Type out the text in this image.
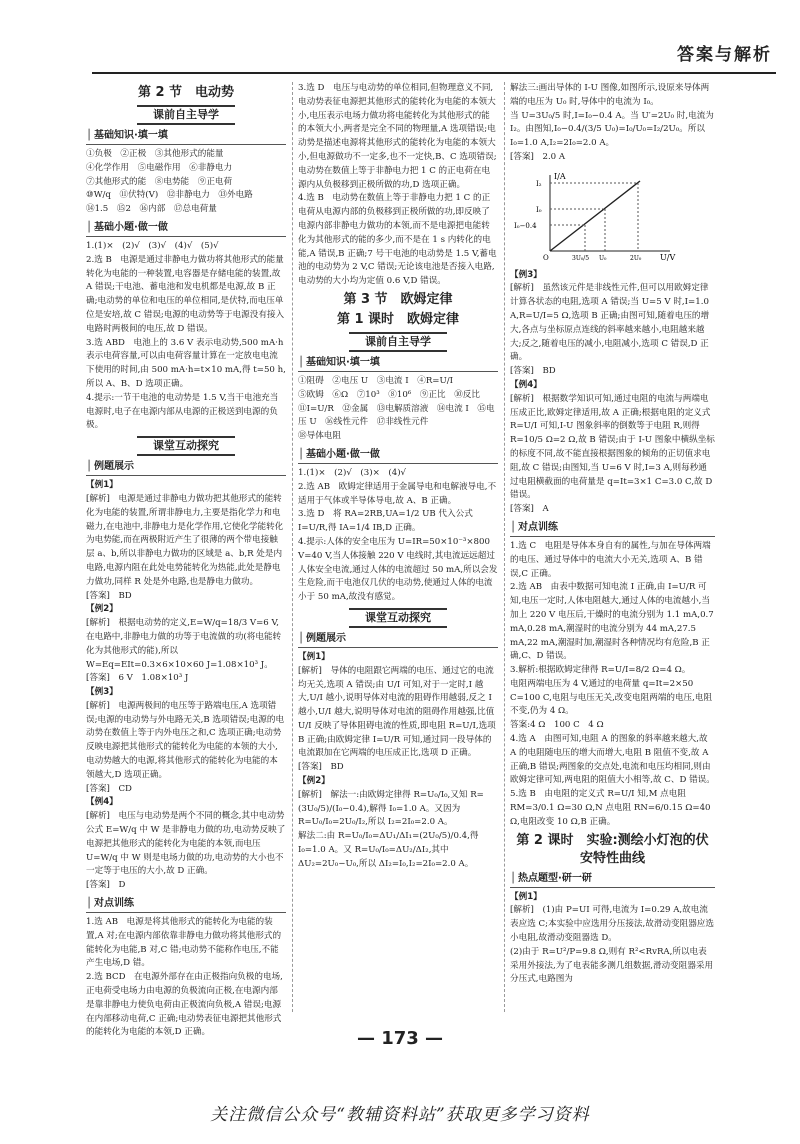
答案与解析
第 2 节　电动势
课前自主导学
│ 基础知识·填一填
①负极　②正极　③其他形式的能量
④化学作用　⑤电磁作用　⑥非静电力
⑦其他形式的能　⑧电势能　⑨正电荷
⑩W/q　⑪伏特(V)　⑫非静电力　⑬外电路
⑭1.5　⑮2　⑯内部　⑰总电荷量
│ 基础小题·做一做
1.(1)×　(2)√　(3)√　(4)√　(5)√
2.选 B　电源是通过非静电力做功将其他形式的能量转化为电能的一种装置,电容器是存储电能的装置,故 A 错误;干电池、蓄电池和发电机都是电源,故 B 正确;电动势的单位和电压的单位相同,是伏特,而电压单位是安培,故 C 错误;电源的电动势等于电源没有接入电路时两极间的电压,故 D 错误。
3.选 ABD　电池上的 3.6 V 表示电动势,500 mA·h 表示电荷容量,可以由电荷容量计算在一定放电电流下使用的时间,由 500 mA·h=t×10 mA,得 t=50 h,所以 A、B、D 选项正确。
4.提示:一节干电池的电动势是 1.5 V,当干电池充当电源时,电子在电源内部从电源的正极送到电源的负极。
课堂互动探究
│ 例题展示
【例1】
[解析]　电源是通过非静电力做功把其他形式的能转化为电能的装置,所谓非静电力,主要是指化学力和电磁力,在电池中,非静电力是化学作用,它使化学能转化为电势能,而在两极附近产生了很薄的两个带电接触层 a、b,所以非静电力做功的区域是 a、b,R 处是内电路,电源内阻在此处电势能转化为热能,此处是静电力做功,同样 R 处是外电路,也是静电力做功。
[答案]　BD
【例2】
[解析]　根据电动势的定义,E=W/q=18/3 V=6 V,在电路中,非静电力做的功等于电流做的功(将电能转化为其他形式的能),所以 W=Eq=EIt=0.3×6×10×60 J=1.08×10³ J。
[答案]　6 V　1.08×10³ J
【例3】
[解析]　电源两极间的电压等于路端电压,A 选项错误;电源的电动势与外电路无关,B 选项错误;电源的电动势在数值上等于内外电压之和,C 选项正确;电动势反映电源把其他形式的能转化为电能的本领的大小,电动势越大的电源,将其他形式的能转化为电能的本领越大,D 选项正确。
[答案]　CD
【例4】
[解析]　电压与电动势是两个不同的概念,其中电动势公式 E=W/q 中 W 是非静电力做的功,电动势反映了电源把其他形式的能转化为电能的本领,而电压 U=W/q 中 W 则是电场力做的功,电动势的大小也不一定等于电压的大小,故 D 正确。
[答案]　D
│ 对点训练
1.选 AB　电源是将其他形式的能转化为电能的装置,A 对;在电源内部依靠非静电力做功将其他形式的能转化为电能,B 对,C 错;电动势不能称作电压,不能产生电场,D 错。
2.选 BCD　在电源外部存在由正极指向负极的电场,正电荷受电场力由电源的负极流向正极,在电源内部是靠非静电力使负电荷由正极流向负极,A 错误;电源在内部移动电荷,C 正确;电动势表征电源把其他形式的能转化为电能的本领,D 正确。
3.选 D　电压与电动势的单位相同,但物理意义不同,电动势表征电源把其他形式的能转化为电能的本领大小,电压表示电场力做功将电能转化为其他形式的能的本领大小,两者是完全不同的物理量,A 选项错误;电动势是描述电源将其他形式的能转化为电能的本领大小,但电源做功不一定多,也不一定快,B、C 选项错误;电动势在数值上等于非静电力把 1 C 的正电荷在电源内从负极移到正极所做的功,D 选项正确。
4.选 B　电动势在数值上等于非静电力把 1 C 的正电荷从电源内部的负极移到正极所做的功,即反映了电源内部非静电力做功的本领,而不是电源把电能转化为其他形式的能的多少,而不是在 1 s 内转化的电能,A 错误,B 正确;7 号干电池的电动势是 1.5 V,蓄电池的电动势为 2 V,C 错误;无论该电池是否接入电路,电动势的大小均为定值 0.6 V,D 错误。
第 3 节　欧姆定律
第 1 课时　欧姆定律
课前自主导学
│ 基础知识·填一填
①阻碍　②电压 U　③电流 I　④R=U/I
⑤欧姆　⑥Ω　⑦10³　⑧10⁶　⑨正比　⑩反比
⑪I=U/R　⑫金属　⑬电解质溶液　⑭电流 I　⑮电压 U　⑯线性元件　⑰非线性元件
⑱导体电阻
│ 基础小题·做一做
1.(1)×　(2)√　(3)×　(4)√
2.选 AB　欧姆定律适用于金属导电和电解液导电,不适用于气体或半导体导电,故 A、B 正确。
3.选 D　将 RA=2RB,UA=1/2 UB 代入公式 I=U/R,得 IA=1/4 IB,D 正确。
4.提示:人体的安全电压为 U=IR=50×10⁻³×800 V=40 V,当人体接触 220 V 电线时,其电流远远超过人体安全电流,通过人体的电流超过 50 mA,所以会发生危险,而干电池仅几伏的电动势,使通过人体的电流小于 50 mA,故没有感觉。
课堂互动探究
│ 例题展示
【例1】
[解析]　导体的电阻跟它两端的电压、通过它的电流均无关,选项 A 错误;由 U/I 可知,对于一定时,I 越大,U/I 越小,说明导体对电流的阻碍作用越弱,反之 I 越小,U/I 越大,说明导体对电流的阻碍作用越强,比值 U/I 反映了导体阻碍电流的性质,即电阻 R=U/I,选项 B 正确;由欧姆定律 I=U/R 可知,通过同一段导体的电流跟加在它两端的电压成正比,选项 D 正确。
[答案]　BD
【例2】
[解析]　解法一:由欧姆定律得 R=U₀/I₀,又知 R=(3U₀/5)/(I₀−0.4),解得 I₀=1.0 A。又因为 R=U₀/I₀=2U₀/I₂,所以 I₂=2I₀=2.0 A。
解法二:由 R=U₀/I₀=ΔU₁/ΔI₁=(2U₀/5)/0.4,得 I₀=1.0 A。又 R=U₀/I₀=ΔU₂/ΔI₂,其中 ΔU₂=2U₀−U₀,所以 ΔI₂=I₀,I₂=2I₀=2.0 A。
解法三:画出导体的 I-U 图像,如图所示,设原来导体两端的电压为 U₀ 时,导体中的电流为 I₀。
当 U=3U₀/5 时,I=I₀−0.4 A。当 U′=2U₀ 时,电流为 I₂。由图知,I₀−0.4/(3/5 U₀)=I₀/U₀=I₂/2U₀。所以 I₀=1.0 A,I₂=2I₀=2.0 A。
[答案]　2.0 A
I/A
U/V
I₂
I₀
I₀−0.4
O	3U₀/5 U₀	2U₀
【例3】
[解析]　虽然该元件是非线性元件,但可以用欧姆定律计算各状态的电阻,选项 A 错误;当 U=5 V 时,I=1.0 A,R=U/I=5 Ω,选项 B 正确;由图可知,随着电压的增大,各点与坐标原点连线的斜率越来越小,电阻越来越大;反之,随着电压的减小,电阻减小,选项 C 错误,D 正确。
[答案]　BD
【例4】
[解析]　根据数学知识可知,通过电阻的电流与两端电压成正比,欧姆定律适用,故 A 正确;根据电阻的定义式 R=U/I 可知,I-U 图象斜率的倒数等于电阻 R,则得 R=10/5 Ω=2 Ω,故 B 错误;由于 I-U 图象中横纵坐标的标度不同,故不能直接根据图象的倾角的正切值求电阻,故 C 错误;由图知,当 U=6 V 时,I=3 A,则每秒通过电阻横截面的电荷量是 q=It=3×1 C=3.0 C,故 D 错误。
[答案]　A
│ 对点训练
1.选 C　电阻是导体本身自有的属性,与加在导体两端的电压、通过导体中的电流大小无关,选项 A、B 错误,C 正确。
2.选 AB　由表中数据可知电流 I 正确,由 I=U/R 可知,电压一定时,人体电阻越大,通过人体的电流越小,当加上 220 V 电压后,干燥时的电流分别为 1.1 mA,0.7 mA,0.28 mA,潮湿时的电流分别为 44 mA,27.5 mA,22 mA,潮湿时加,潮湿时各种情况均有危险,B 正确,C、D 错误。
3.解析:根据欧姆定律得 R=U/I=8/2 Ω=4 Ω。
电阻两端电压为 4 V,通过的电荷量 q=It=2×50 C=100 C,电阻与电压无关,改变电阻两端的电压,电阻不变,仍为 4 Ω。
答案:4 Ω　100 C　4 Ω
4.选 A　由图可知,电阻 A 的图象的斜率越来越大,故 A 的电阻随电压的增大而增大,电阻 B 阻值不变,故 A 正确,B 错误;两图象的交点处,电流和电压均相同,则由欧姆定律可知,两电阻的阻值大小相等,故 C、D 错误。
5.选 B　由电阻的定义式 R=U/I 知,M 点电阻 RM=3/0.1 Ω=30 Ω,N 点电阻 RN=6/0.15 Ω=40 Ω,电阻改变 10 Ω,B 正确。
第 2 课时　实验:测绘小灯泡的伏安特性曲线
│ 热点题型·研一研
【例1】
[解析]　(1)由 P=UI 可得,电流为 I=0.29 A,故电流表应选 C;本实验中应选用分压接法,故滑动变阻器应选小电阻,故滑动变阻器选 D。
(2)由于 R=U²/P=9.8 Ω,则有 R²<RvRA,所以电表采用外接法,为了电表能多测几组数据,滑动变阻器采用分压式,电路图为
— 173 —
关注微信公众号“教辅资料站”获取更多学习资料
